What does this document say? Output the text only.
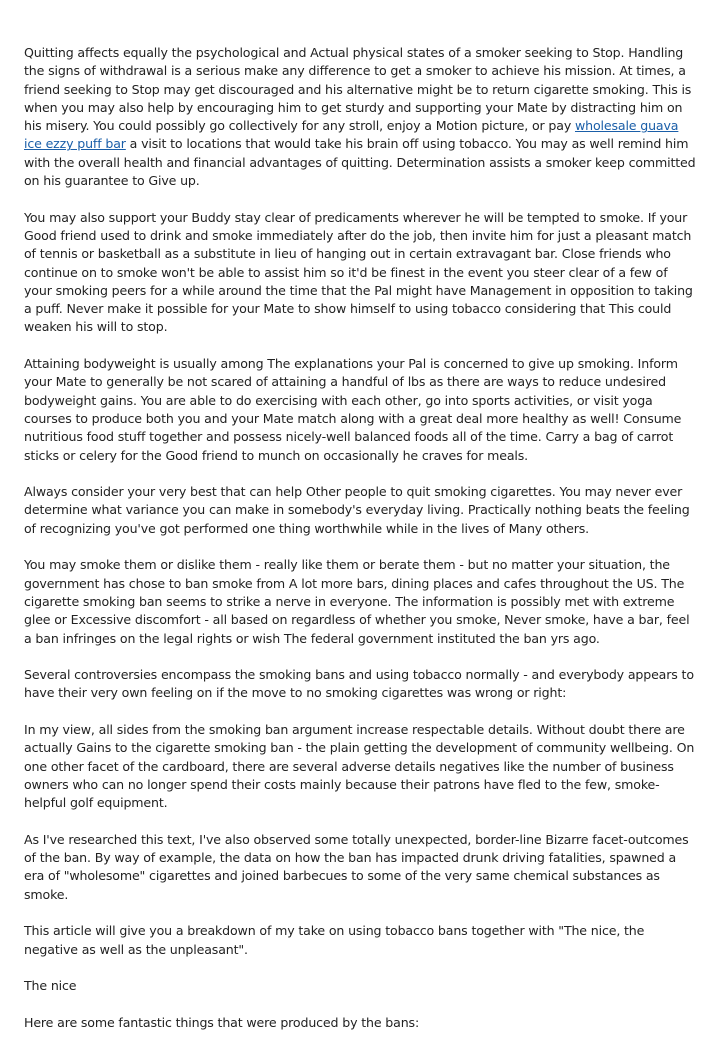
Quitting affects equally the psychological and Actual physical states of a smoker seeking to Stop. Handling the signs of withdrawal is a serious make any difference to get a smoker to achieve his mission. At times, a friend seeking to Stop may get discouraged and his alternative might be to return cigarette smoking. This is when you may also help by encouraging him to get sturdy and supporting your Mate by distracting him on his misery. You could possibly go collectively for any stroll, enjoy a Motion picture, or pay wholesale guava ice ezzy puff bar a visit to locations that would take his brain off using tobacco. You may as well remind him with the overall health and financial advantages of quitting. Determination assists a smoker keep committed on his guarantee to Give up.

You may also support your Buddy stay clear of predicaments wherever he will be tempted to smoke. If your Good friend used to drink and smoke immediately after do the job, then invite him for just a pleasant match of tennis or basketball as a substitute in lieu of hanging out in certain extravagant bar. Close friends who continue on to smoke won't be able to assist him so it'd be finest in the event you steer clear of a few of your smoking peers for a while around the time that the Pal might have Management in opposition to taking a puff. Never make it possible for your Mate to show himself to using tobacco considering that This could weaken his will to stop.

Attaining bodyweight is usually among The explanations your Pal is concerned to give up smoking. Inform your Mate to generally be not scared of attaining a handful of lbs as there are ways to reduce undesired bodyweight gains. You are able to do exercising with each other, go into sports activities, or visit yoga courses to produce both you and your Mate match along with a great deal more healthy as well! Consume nutritious food stuff together and possess nicely-well balanced foods all of the time. Carry a bag of carrot sticks or celery for the Good friend to munch on occasionally he craves for meals.

Always consider your very best that can help Other people to quit smoking cigarettes. You may never ever determine what variance you can make in somebody's everyday living. Practically nothing beats the feeling of recognizing you've got performed one thing worthwhile while in the lives of Many others.

You may smoke them or dislike them - really like them or berate them - but no matter your situation, the government has chose to ban smoke from A lot more bars, dining places and cafes throughout the US. The cigarette smoking ban seems to strike a nerve in everyone. The information is possibly met with extreme glee or Excessive discomfort - all based on regardless of whether you smoke, Never smoke, have a bar, feel a ban infringes on the legal rights or wish The federal government instituted the ban yrs ago.

Several controversies encompass the smoking bans and using tobacco normally - and everybody appears to have their very own feeling on if the move to no smoking cigarettes was wrong or right:

In my view, all sides from the smoking ban argument increase respectable details. Without doubt there are actually Gains to the cigarette smoking ban - the plain getting the development of community wellbeing. On one other facet of the cardboard, there are several adverse details negatives like the number of business owners who can no longer spend their costs mainly because their patrons have fled to the few, smoke-helpful golf equipment.

As I've researched this text, I've also observed some totally unexpected, border-line Bizarre facet-outcomes of the ban. By way of example, the data on how the ban has impacted drunk driving fatalities, spawned a era of "wholesome" cigarettes and joined barbecues to some of the very same chemical substances as smoke.

This article will give you a breakdown of my take on using tobacco bans together with "The nice, the negative as well as the unpleasant".

The nice

Here are some fantastic things that were produced by the bans:
